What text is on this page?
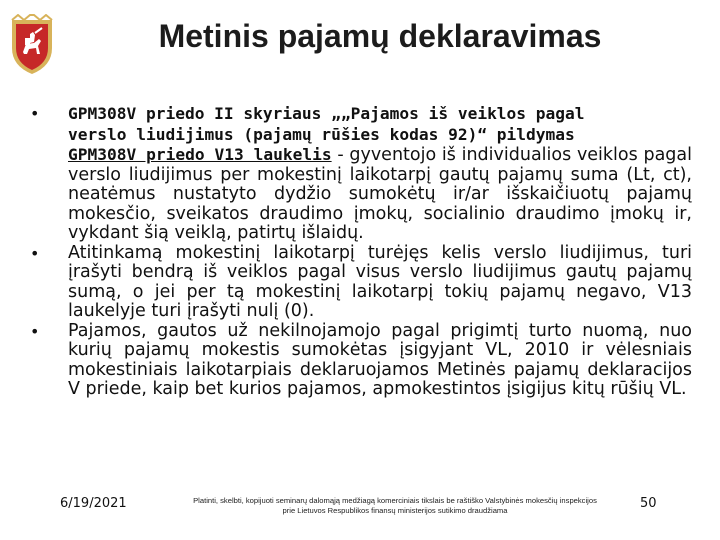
Metinis pajamų deklaravimas
• GPM308V priedo II skyriaus „„Pajamos iš veiklos pagal
verslo liudijimus (pajamų rūšies kodas 92)“ pildymas
GPM308V priedo V13 laukelis - gyventojo iš individualios veiklos pagal verslo liudijimus per mokestinį laikotarpį gautų pajamų suma (Lt, ct), neatėmus nustatyto dydžio sumokėtų ir/ar išskaičiuotų pajamų mokesčio, sveikatos draudimo įmokų, socialinio draudimo įmokų ir, vykdant šią veiklą, patirtų išlaidų.
• Atitinkamą mokestinį laikotarpį turėjęs kelis verslo liudijimus, turi įrašyti bendrą iš veiklos pagal visus verslo liudijimus gautų pajamų sumą, o jei per tą mokestinį laikotarpį tokių pajamų negavo, V13 laukelyje turi įrašyti nulį (0).
• Pajamos, gautos už nekilnojamojo pagal prigimtį turto nuomą, nuo kurių pajamų mokestis sumokėtas įsigyjant VL, 2010 ir vėlesniais mokestiniais laikotarpiais deklaruojamos Metinės pajamų deklaracijos V priede, kaip bet kurios pajamos, apmokestintos įsigijus kitų rūšių VL.
6/19/2021	Platinti, skelbti, kopijuoti seminarų dalomąją medžiagą komerciniais tikslais be raštiško Valstybinės mokesčių inspekcijos prie Lietuvos Respublikos finansų ministerijos sutikimo draudžiama	50
